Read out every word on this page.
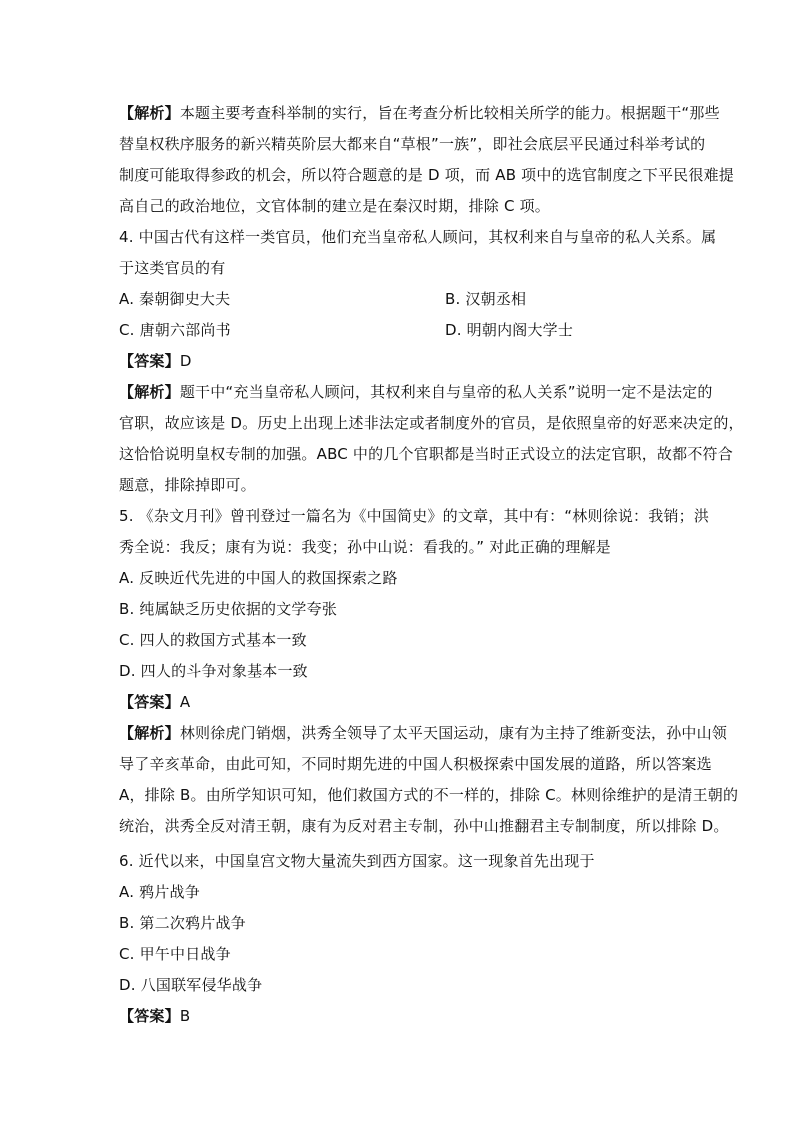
【解析】本题主要考查科举制的实行，旨在考查分析比较相关所学的能力。根据题干“那些
替皇权秩序服务的新兴精英阶层大都来自“草根”一族”，即社会底层平民通过科举考试的
制度可能取得参政的机会，所以符合题意的是 D 项，而 AB 项中的选官制度之下平民很难提
高自己的政治地位，文官体制的建立是在秦汉时期，排除 C 项。
4. 中国古代有这样一类官员，他们充当皇帝私人顾问，其权利来自与皇帝的私人关系。属
于这类官员的有
A. 秦朝御史大夫	B. 汉朝丞相
C. 唐朝六部尚书	D. 明朝内阁大学士
【答案】D
【解析】题干中“充当皇帝私人顾问，其权利来自与皇帝的私人关系”说明一定不是法定的
官职，故应该是 D。历史上出现上述非法定或者制度外的官员，是依照皇帝的好恶来决定的，
这恰恰说明皇权专制的加强。ABC 中的几个官职都是当时正式设立的法定官职，故都不符合
题意，排除掉即可。
5. 《杂文月刊》曾刊登过一篇名为《中国简史》的文章，其中有：“林则徐说：我销；洪
秀全说：我反；康有为说：我变；孙中山说：看我的。” 对此正确的理解是
A. 反映近代先进的中国人的救国探索之路
B. 纯属缺乏历史依据的文学夸张
C. 四人的救国方式基本一致
D. 四人的斗争对象基本一致
【答案】A
【解析】林则徐虎门销烟，洪秀全领导了太平天国运动，康有为主持了维新变法，孙中山领
导了辛亥革命，由此可知，不同时期先进的中国人积极探索中国发展的道路，所以答案选
A，排除 B。由所学知识可知，他们救国方式的不一样的，排除 C。林则徐维护的是清王朝的
统治，洪秀全反对清王朝，康有为反对君主专制，孙中山推翻君主专制制度，所以排除 D。
6. 近代以来，中国皇宫文物大量流失到西方国家。这一现象首先出现于
A. 鸦片战争
B. 第二次鸦片战争
C. 甲午中日战争
D. 八国联军侵华战争
【答案】B
